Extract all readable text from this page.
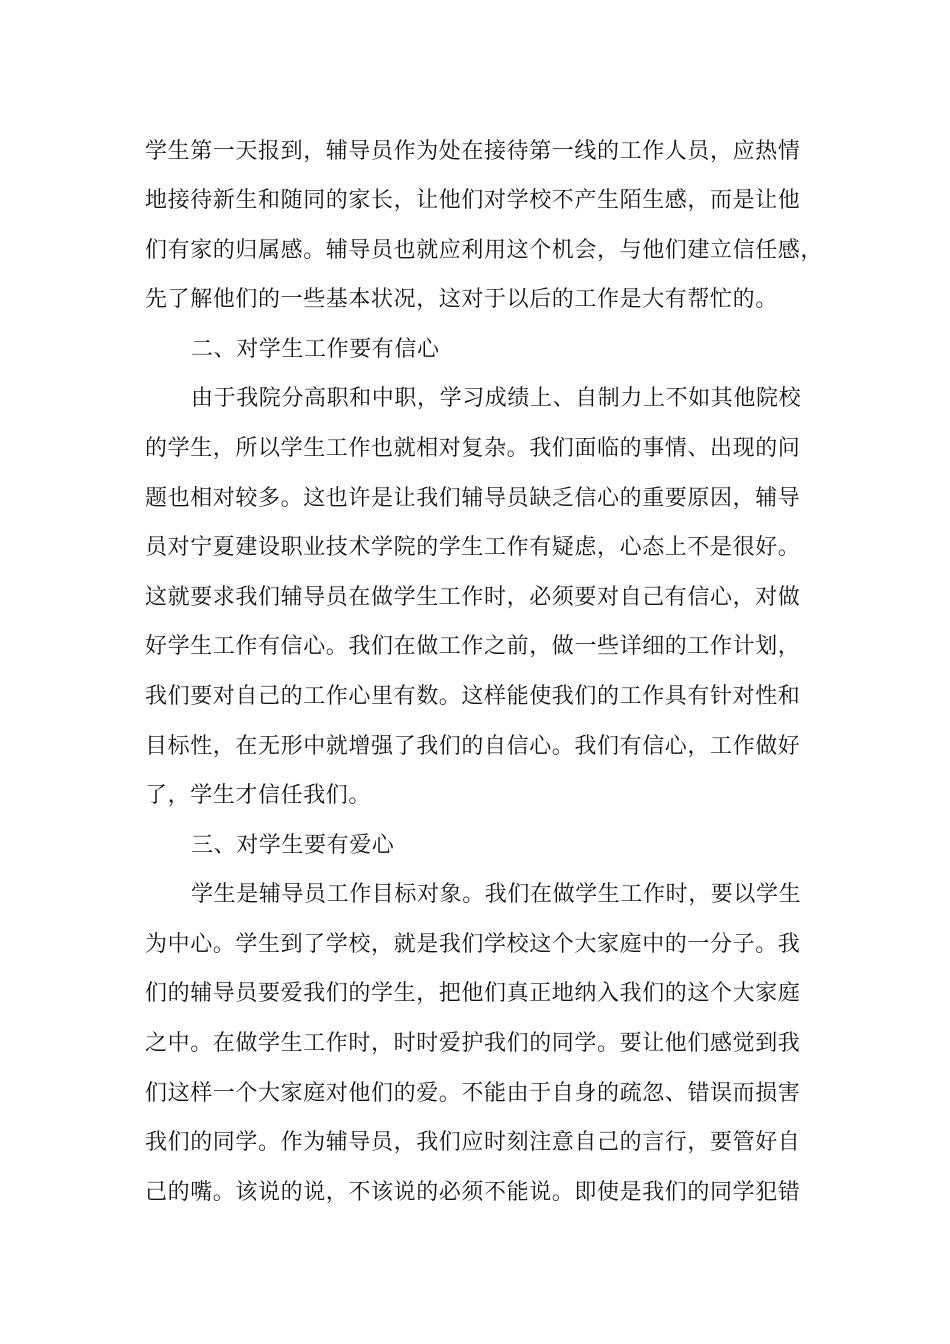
学生第一天报到，辅导员作为处在接待第一线的工作人员，应热情
地接待新生和随同的家长，让他们对学校不产生陌生感，而是让他
们有家的归属感。辅导员也就应利用这个机会，与他们建立信任感，
先了解他们的一些基本状况，这对于以后的工作是大有帮忙的。
二、对学生工作要有信心
由于我院分高职和中职，学习成绩上、自制力上不如其他院校
的学生，所以学生工作也就相对复杂。我们面临的事情、出现的问
题也相对较多。这也许是让我们辅导员缺乏信心的重要原因，辅导
员对宁夏建设职业技术学院的学生工作有疑虑，心态上不是很好。
这就要求我们辅导员在做学生工作时，必须要对自己有信心，对做
好学生工作有信心。我们在做工作之前，做一些详细的工作计划，
我们要对自己的工作心里有数。这样能使我们的工作具有针对性和
目标性，在无形中就增强了我们的自信心。我们有信心，工作做好
了，学生才信任我们。
三、对学生要有爱心
学生是辅导员工作目标对象。我们在做学生工作时，要以学生
为中心。学生到了学校，就是我们学校这个大家庭中的一分子。我
们的辅导员要爱我们的学生，把他们真正地纳入我们的这个大家庭
之中。在做学生工作时，时时爱护我们的同学。要让他们感觉到我
们这样一个大家庭对他们的爱。不能由于自身的疏忽、错误而损害
我们的同学。作为辅导员，我们应时刻注意自己的言行，要管好自
己的嘴。该说的说，不该说的必须不能说。即使是我们的同学犯错
